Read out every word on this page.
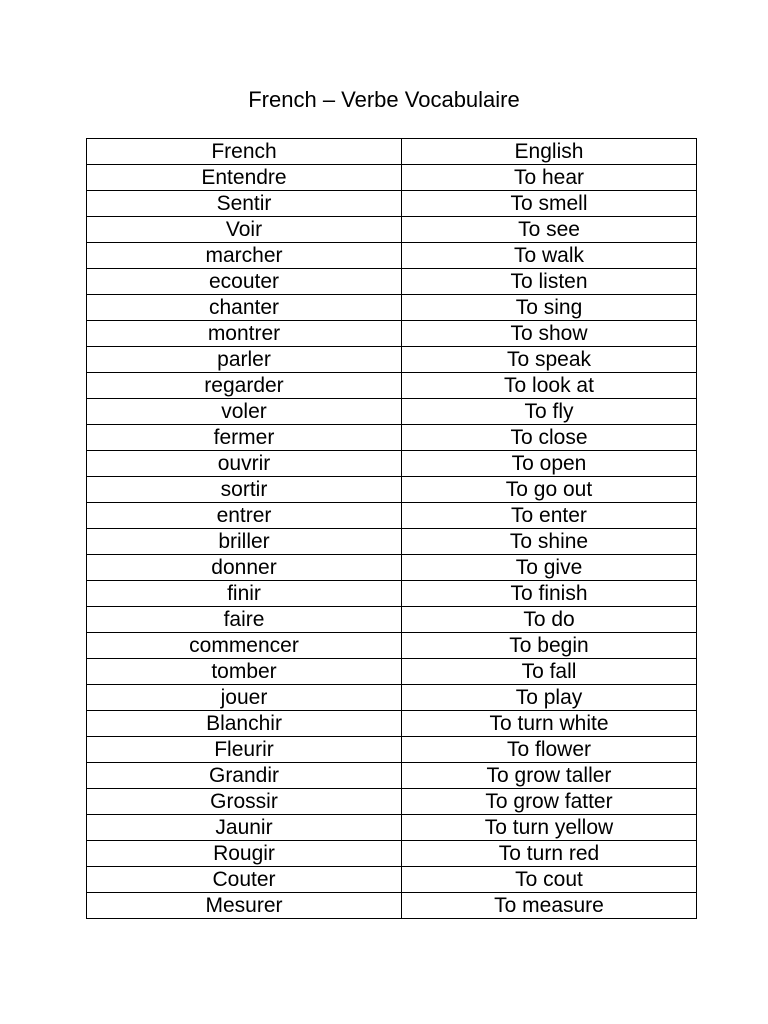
French – Verbe Vocabulaire
French	English
Entendre	To hear
Sentir	To smell
Voir	To see
marcher	To walk
ecouter	To listen
chanter	To sing
montrer	To show
parler	To speak
regarder	To look at
voler	To fly
fermer	To close
ouvrir	To open
sortir	To go out
entrer	To enter
briller	To shine
donner	To give
finir	To finish
faire	To do
commencer	To begin
tomber	To fall
jouer	To play
Blanchir	To turn white
Fleurir	To flower
Grandir	To grow taller
Grossir	To grow fatter
Jaunir	To turn yellow
Rougir	To turn red
Couter	To cout
Mesurer	To measure
